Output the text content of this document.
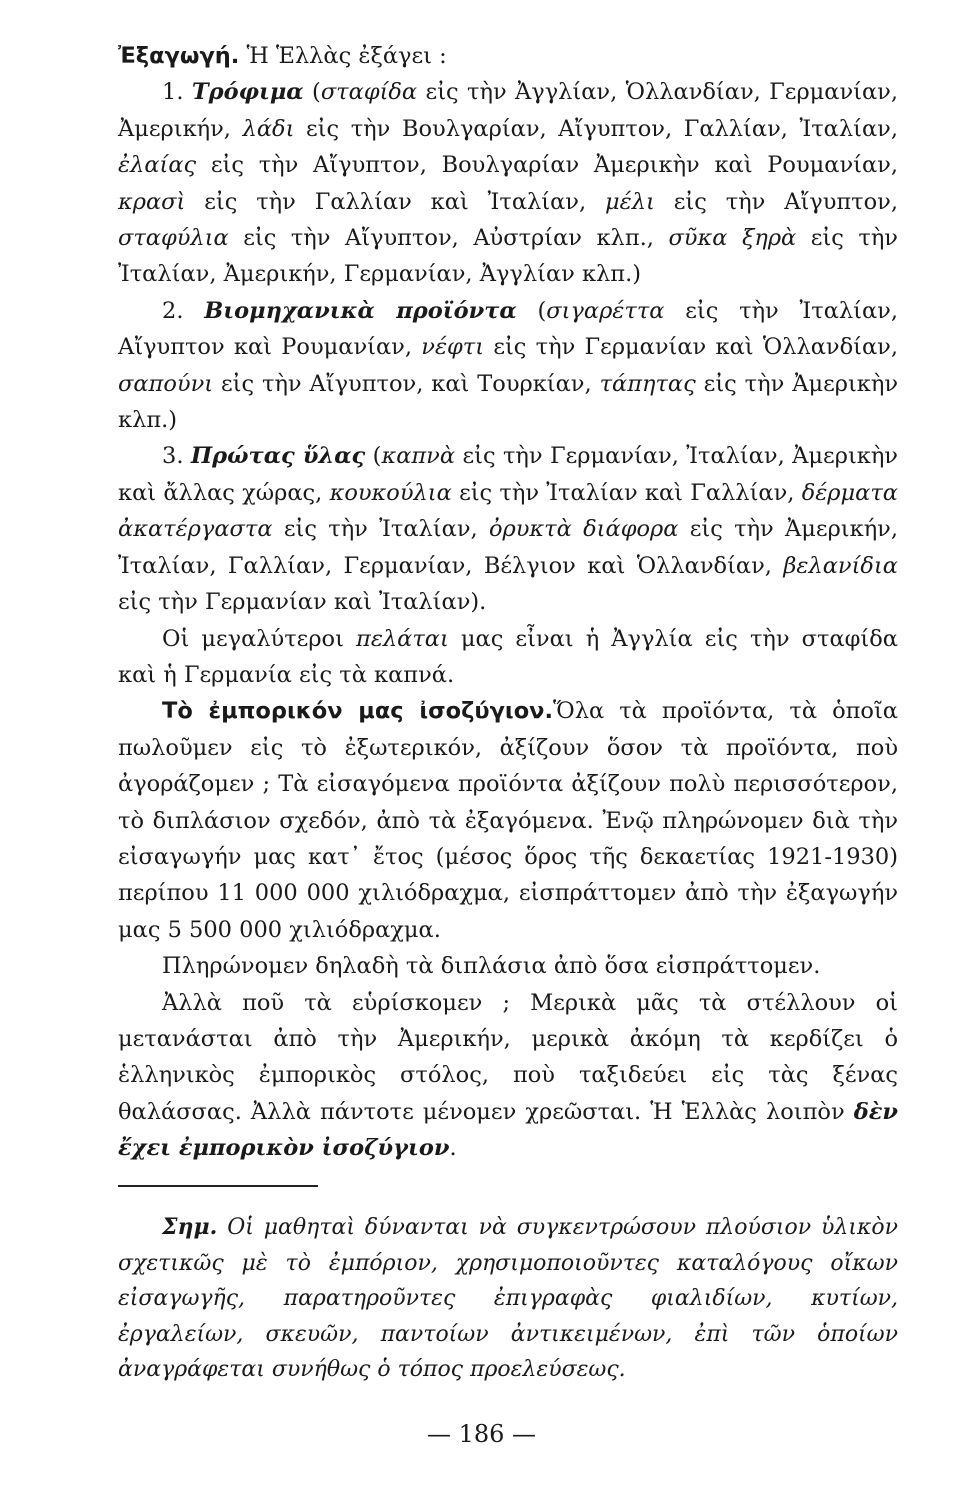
Ἐξαγωγή. Ἡ Ἑλλὰς ἐξάγει :

1. Τρόφιμα (σταφίδα εἰς τὴν Ἀγγλίαν, Ὁλλανδίαν, Γερμανίαν, Ἀμερικήν, λάδι εἰς τὴν Βουλγαρίαν, Αἴγυπτον, Γαλλίαν, Ἰταλίαν, ἐλαίας εἰς τὴν Αἴγυπτον, Βουλγαρίαν Ἀμερικὴν καὶ Ρουμανίαν, κρασὶ εἰς τὴν Γαλλίαν καὶ Ἰταλίαν, μέλι εἰς τὴν Αἴγυπτον, σταφύλια εἰς τὴν Αἴγυπτον, Αὐστρίαν κλπ., σῦκα ξηρὰ εἰς τὴν Ἰταλίαν, Ἀμερικήν, Γερμανίαν, Ἀγγλίαν κλπ.)

2. Βιομηχανικὰ προϊόντα (σιγαρέττα εἰς τὴν Ἰταλίαν, Αἴγυπτον καὶ Ρουμανίαν, νέφτι εἰς τὴν Γερμανίαν καὶ Ὁλλανδίαν, σαπούνι εἰς τὴν Αἴγυπτον, καὶ Τουρκίαν, τάπητας εἰς τὴν Ἀμερικὴν κλπ.)

3. Πρώτας ὕλας (καπνὰ εἰς τὴν Γερμανίαν, Ἰταλίαν, Ἀμερικὴν καὶ ἄλλας χώρας, κουκούλια εἰς τὴν Ἰταλίαν καὶ Γαλλίαν, δέρματα ἀκατέργαστα εἰς τὴν Ἰταλίαν, ὀρυκτὰ διάφορα εἰς τὴν Ἀμερικήν, Ἰταλίαν, Γαλλίαν, Γερμανίαν, Βέλγιον καὶ Ὁλλανδίαν, βελανίδια εἰς τὴν Γερμανίαν καὶ Ἰταλίαν).

Οἱ μεγαλύτεροι πελάται μας εἶναι ἡ Ἀγγλία εἰς τὴν σταφίδα καὶ ἡ Γερμανία εἰς τὰ καπνά.

Τὸ ἐμπορικόν μας ἰσοζύγιον.Ὅλα τὰ προϊόντα, τὰ ὁποῖα πωλοῦμεν εἰς τὸ ἐξωτερικόν, ἀξίζουν ὅσον τὰ προϊόντα, ποὺ ἀγοράζομεν ; Τὰ εἰσαγόμενα προϊόντα ἀξίζουν πολὺ περισσότερον, τὸ διπλάσιον σχεδόν, ἀπὸ τὰ ἐξαγόμενα. Ἐνῷ πληρώνομεν διὰ τὴν εἰσαγωγήν μας κατ᾽ ἔτος (μέσος ὅρος τῆς δεκαετίας 1921-1930) περίπου 11 000 000 χιλιόδραχμα, εἰσπράττομεν ἀπὸ τὴν ἐξαγωγήν μας 5 500 000 χιλιόδραχμα.

Πληρώνομεν δηλαδὴ τὰ διπλάσια ἀπὸ ὅσα εἰσπράττομεν.

Ἀλλὰ ποῦ τὰ εὑρίσκομεν ; Μερικὰ μᾶς τὰ στέλλουν οἱ μετανάσται ἀπὸ τὴν Ἀμερικήν, μερικὰ ἀκόμη τὰ κερδίζει ὁ ἑλληνικὸς ἐμπορικὸς στόλος, ποὺ ταξιδεύει εἰς τὰς ξένας θαλάσσας. Ἀλλὰ πάντοτε μένομεν χρεῶσται. Ἡ Ἑλλὰς λοιπὸν δὲν ἔχει ἐμπορικὸν ἰσοζύγιον.

Σημ. Οἱ μαθηταὶ δύνανται νὰ συγκεντρώσουν πλούσιον ὑλικὸν σχετικῶς μὲ τὸ ἐμπόριον, χρησιμοποιοῦντες καταλόγους οἴκων εἰσαγωγῆς, παρατηροῦντες ἐπιγραφὰς φιαλιδίων, κυτίων, ἐργαλείων, σκευῶν, παντοίων ἀντικειμένων, ἐπὶ τῶν ὁποίων ἀναγράφεται συνήθως ὁ τόπος προελεύσεως.

— 186 —
